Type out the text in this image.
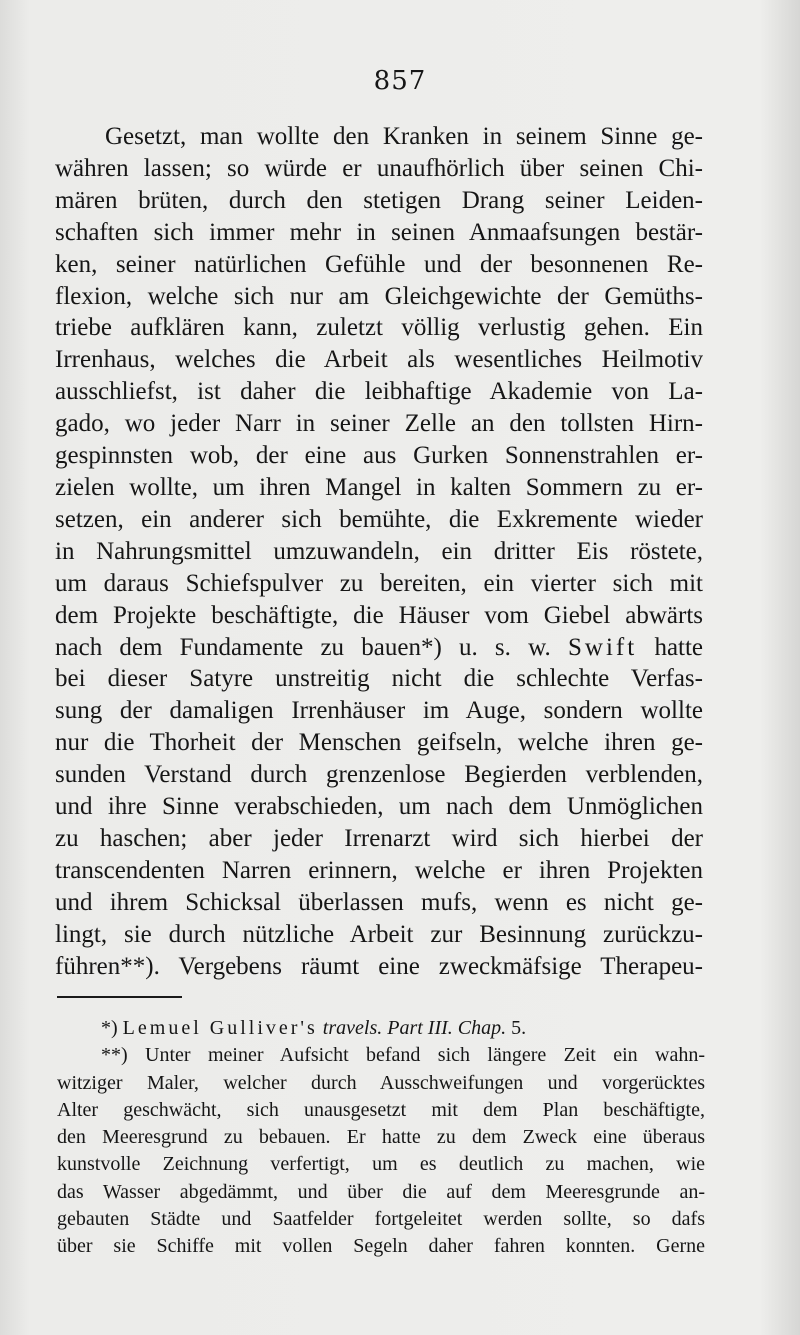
857
Gesetzt, man wollte den Kranken in seinem Sinne ge-
währen lassen; so würde er unaufhörlich über seinen Chi-
mären brüten, durch den stetigen Drang seiner Leiden-
schaften sich immer mehr in seinen Anmaafsungen bestär-
ken, seiner natürlichen Gefühle und der besonnenen Re-
flexion, welche sich nur am Gleichgewichte der Gemüths-
triebe aufklären kann, zuletzt völlig verlustig gehen. Ein
Irrenhaus, welches die Arbeit als wesentliches Heilmotiv
ausschliefst, ist daher die leibhaftige Akademie von La-
gado, wo jeder Narr in seiner Zelle an den tollsten Hirn-
gespinnsten wob, der eine aus Gurken Sonnenstrahlen er-
zielen wollte, um ihren Mangel in kalten Sommern zu er-
setzen, ein anderer sich bemühte, die Exkremente wieder
in Nahrungsmittel umzuwandeln, ein dritter Eis röstete,
um daraus Schiefspulver zu bereiten, ein vierter sich mit
dem Projekte beschäftigte, die Häuser vom Giebel abwärts
nach dem Fundamente zu bauen*) u. s. w. Swift hatte
bei dieser Satyre unstreitig nicht die schlechte Verfas-
sung der damaligen Irrenhäuser im Auge, sondern wollte
nur die Thorheit der Menschen geifseln, welche ihren ge-
sunden Verstand durch grenzenlose Begierden verblenden,
und ihre Sinne verabschieden, um nach dem Unmöglichen
zu haschen; aber jeder Irrenarzt wird sich hierbei der
transcendenten Narren erinnern, welche er ihren Projekten
und ihrem Schicksal überlassen mufs, wenn es nicht ge-
lingt, sie durch nützliche Arbeit zur Besinnung zurückzu-
führen**). Vergebens räumt eine zweckmäfsige Therapeu-
*) Lemuel Gulliver's travels. Part III. Chap. 5.
**) Unter meiner Aufsicht befand sich längere Zeit ein wahn-
witziger Maler, welcher durch Ausschweifungen und vorgerücktes
Alter geschwächt, sich unausgesetzt mit dem Plan beschäftigte,
den Meeresgrund zu bebauen. Er hatte zu dem Zweck eine überaus
kunstvolle Zeichnung verfertigt, um es deutlich zu machen, wie
das Wasser abgedämmt, und über die auf dem Meeresgrunde an-
gebauten Städte und Saatfelder fortgeleitet werden sollte, so dafs
über sie Schiffe mit vollen Segeln daher fahren konnten. Gerne
